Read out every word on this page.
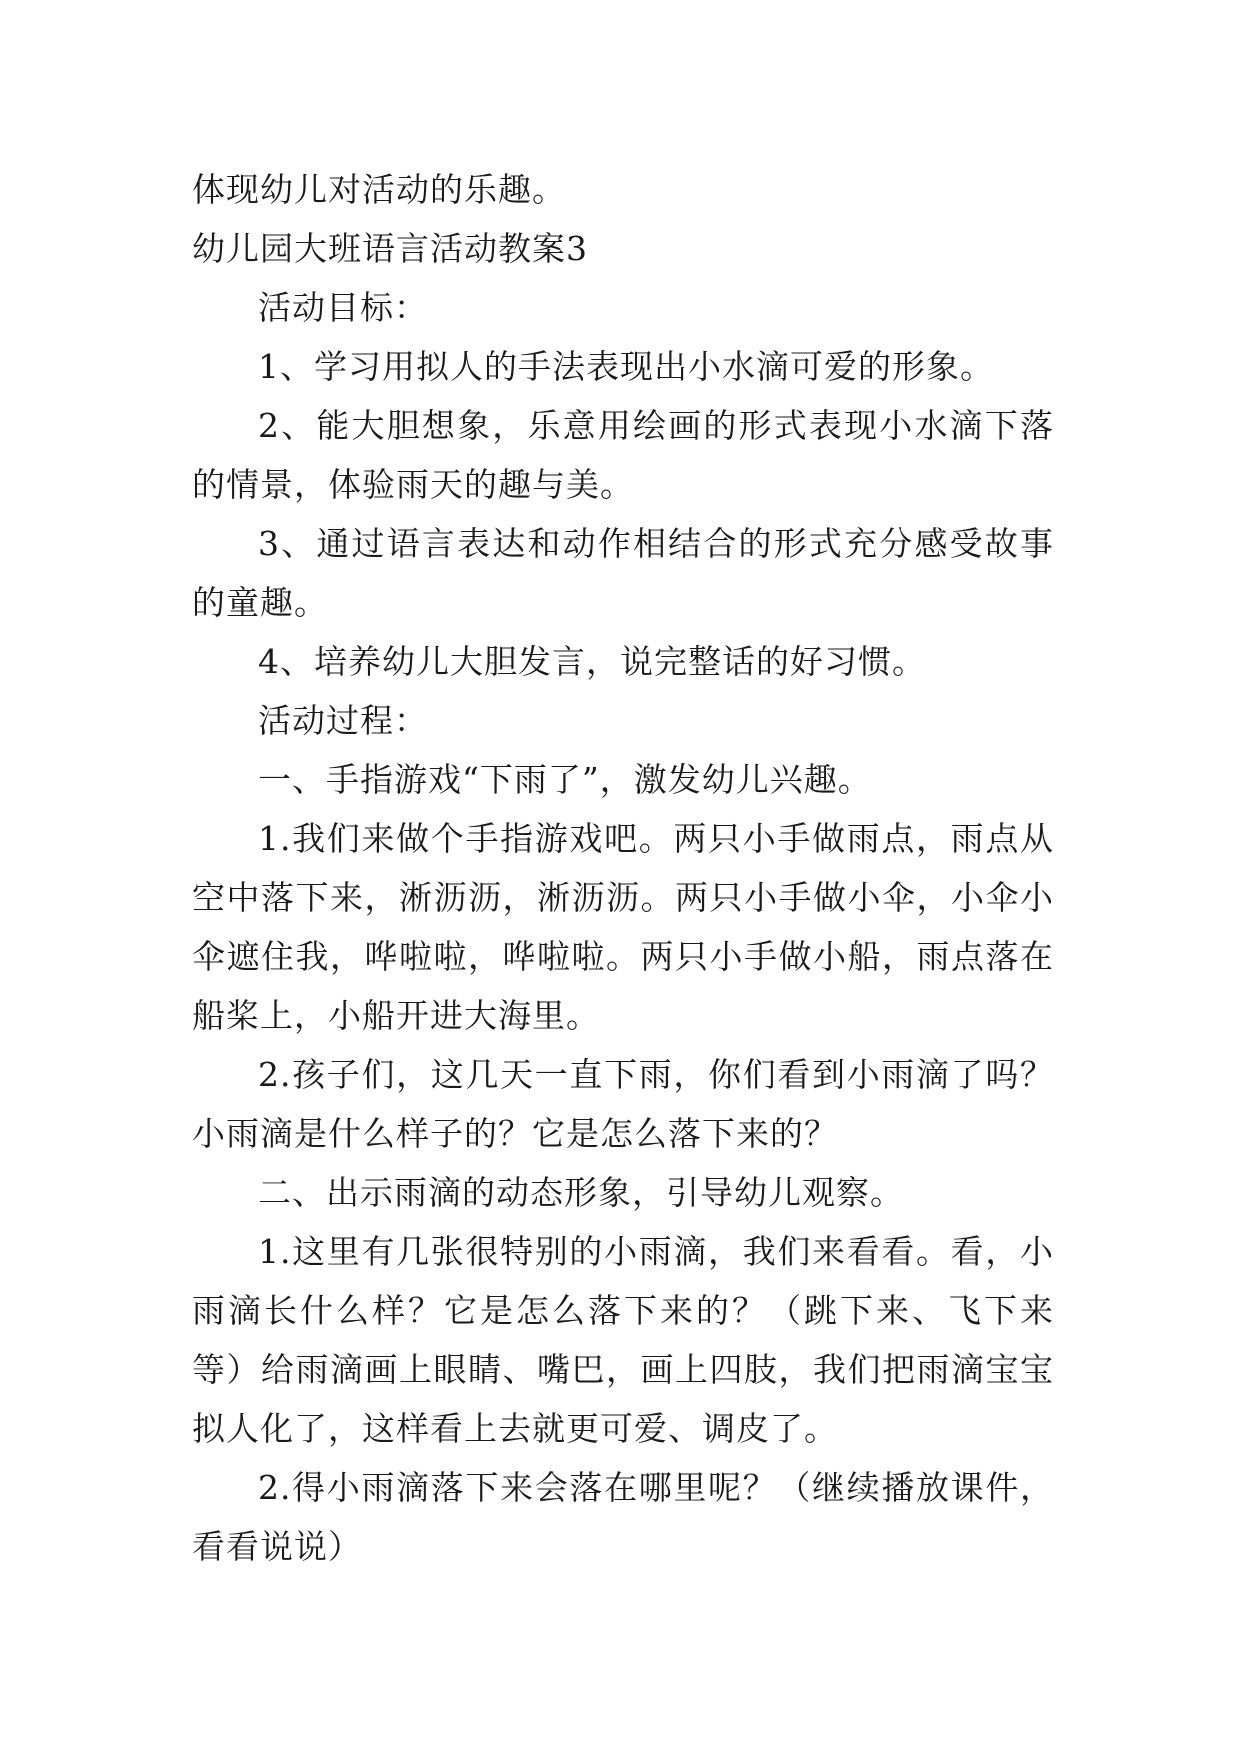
体现幼儿对活动的乐趣。

幼儿园大班语言活动教案3

活动目标：

1、学习用拟人的手法表现出小水滴可爱的形象。

2、能大胆想象，乐意用绘画的形式表现小水滴下落的情景，体验雨天的趣与美。

3、通过语言表达和动作相结合的形式充分感受故事的童趣。

4、培养幼儿大胆发言，说完整话的好习惯。

活动过程：

一、手指游戏“下雨了”，激发幼儿兴趣。

1.我们来做个手指游戏吧。两只小手做雨点，雨点从空中落下来，淅沥沥，淅沥沥。两只小手做小伞，小伞小伞遮住我，哗啦啦，哗啦啦。两只小手做小船，雨点落在船桨上，小船开进大海里。

2.孩子们，这几天一直下雨，你们看到小雨滴了吗？小雨滴是什么样子的？它是怎么落下来的？

二、出示雨滴的动态形象，引导幼儿观察。

1.这里有几张很特别的小雨滴，我们来看看。看，小雨滴长什么样？它是怎么落下来的？（跳下来、飞下来等）给雨滴画上眼睛、嘴巴，画上四肢，我们把雨滴宝宝拟人化了，这样看上去就更可爱、调皮了。

2.得小雨滴落下来会落在哪里呢？（继续播放课件，看看说说）
